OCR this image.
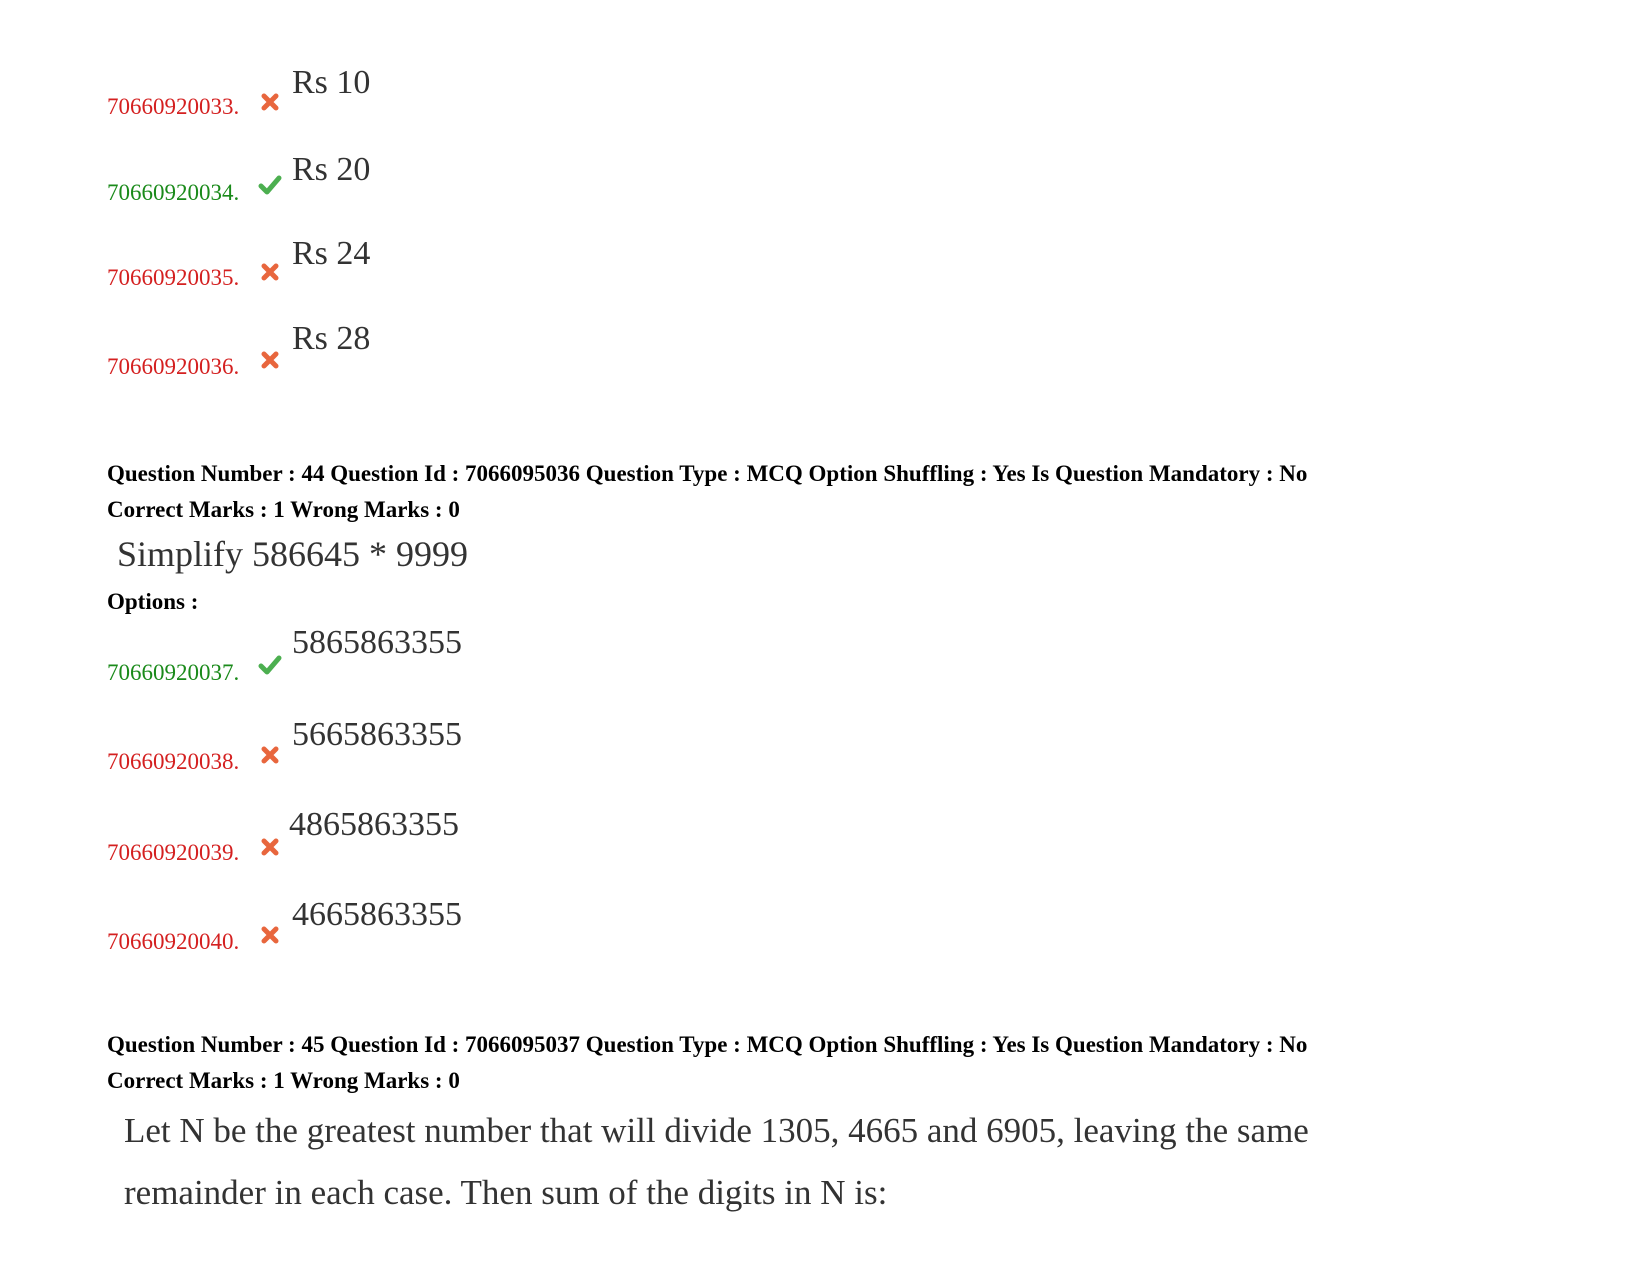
70660920033.
Rs 10
70660920034.
Rs 20
70660920035.
Rs 24
70660920036.
Rs 28
Question Number : 44 Question Id : 7066095036 Question Type : MCQ Option Shuffling : Yes Is Question Mandatory : No
Correct Marks : 1 Wrong Marks : 0
Simplify 586645 * 9999
Options :
70660920037.
5865863355
70660920038.
5665863355
70660920039.
4865863355
70660920040.
4665863355
Question Number : 45 Question Id : 7066095037 Question Type : MCQ Option Shuffling : Yes Is Question Mandatory : No
Correct Marks : 1 Wrong Marks : 0
Let N be the greatest number that will divide 1305, 4665 and 6905, leaving the same
remainder in each case. Then sum of the digits in N is:
